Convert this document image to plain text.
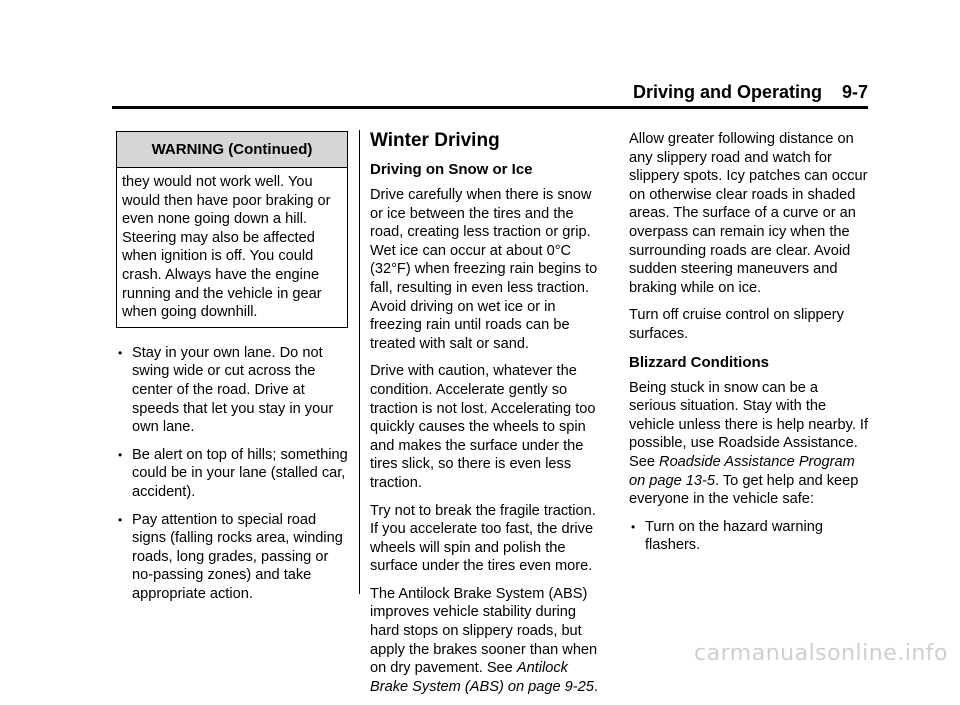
Driving and Operating 9-7
WARNING (Continued)
they would not work well. You would then have poor braking or even none going down a hill. Steering may also be affected when ignition is off. You could crash. Always have the engine running and the vehicle in gear when going downhill.
• Stay in your own lane. Do not swing wide or cut across the center of the road. Drive at speeds that let you stay in your own lane.
• Be alert on top of hills; something could be in your lane (stalled car, accident).
• Pay attention to special road signs (falling rocks area, winding roads, long grades, passing or no-passing zones) and take appropriate action.
Winter Driving
Driving on Snow or Ice

Drive carefully when there is snow or ice between the tires and the road, creating less traction or grip. Wet ice can occur at about 0°C (32°F) when freezing rain begins to fall, resulting in even less traction. Avoid driving on wet ice or in freezing rain until roads can be treated with salt or sand.

Drive with caution, whatever the condition. Accelerate gently so traction is not lost. Accelerating too quickly causes the wheels to spin and makes the surface under the tires slick, so there is even less traction.

Try not to break the fragile traction. If you accelerate too fast, the drive wheels will spin and polish the surface under the tires even more.

The Antilock Brake System (ABS) improves vehicle stability during hard stops on slippery roads, but apply the brakes sooner than when on dry pavement. See Antilock Brake System (ABS) on page 9-25.

Allow greater following distance on any slippery road and watch for slippery spots. Icy patches can occur on otherwise clear roads in shaded areas. The surface of a curve or an overpass can remain icy when the surrounding roads are clear. Avoid sudden steering maneuvers and braking while on ice.

Turn off cruise control on slippery surfaces.

Blizzard Conditions

Being stuck in snow can be a serious situation. Stay with the vehicle unless there is help nearby. If possible, use Roadside Assistance. See Roadside Assistance Program on page 13-5. To get help and keep everyone in the vehicle safe:

• Turn on the hazard warning flashers.
carmanualsonline.info
